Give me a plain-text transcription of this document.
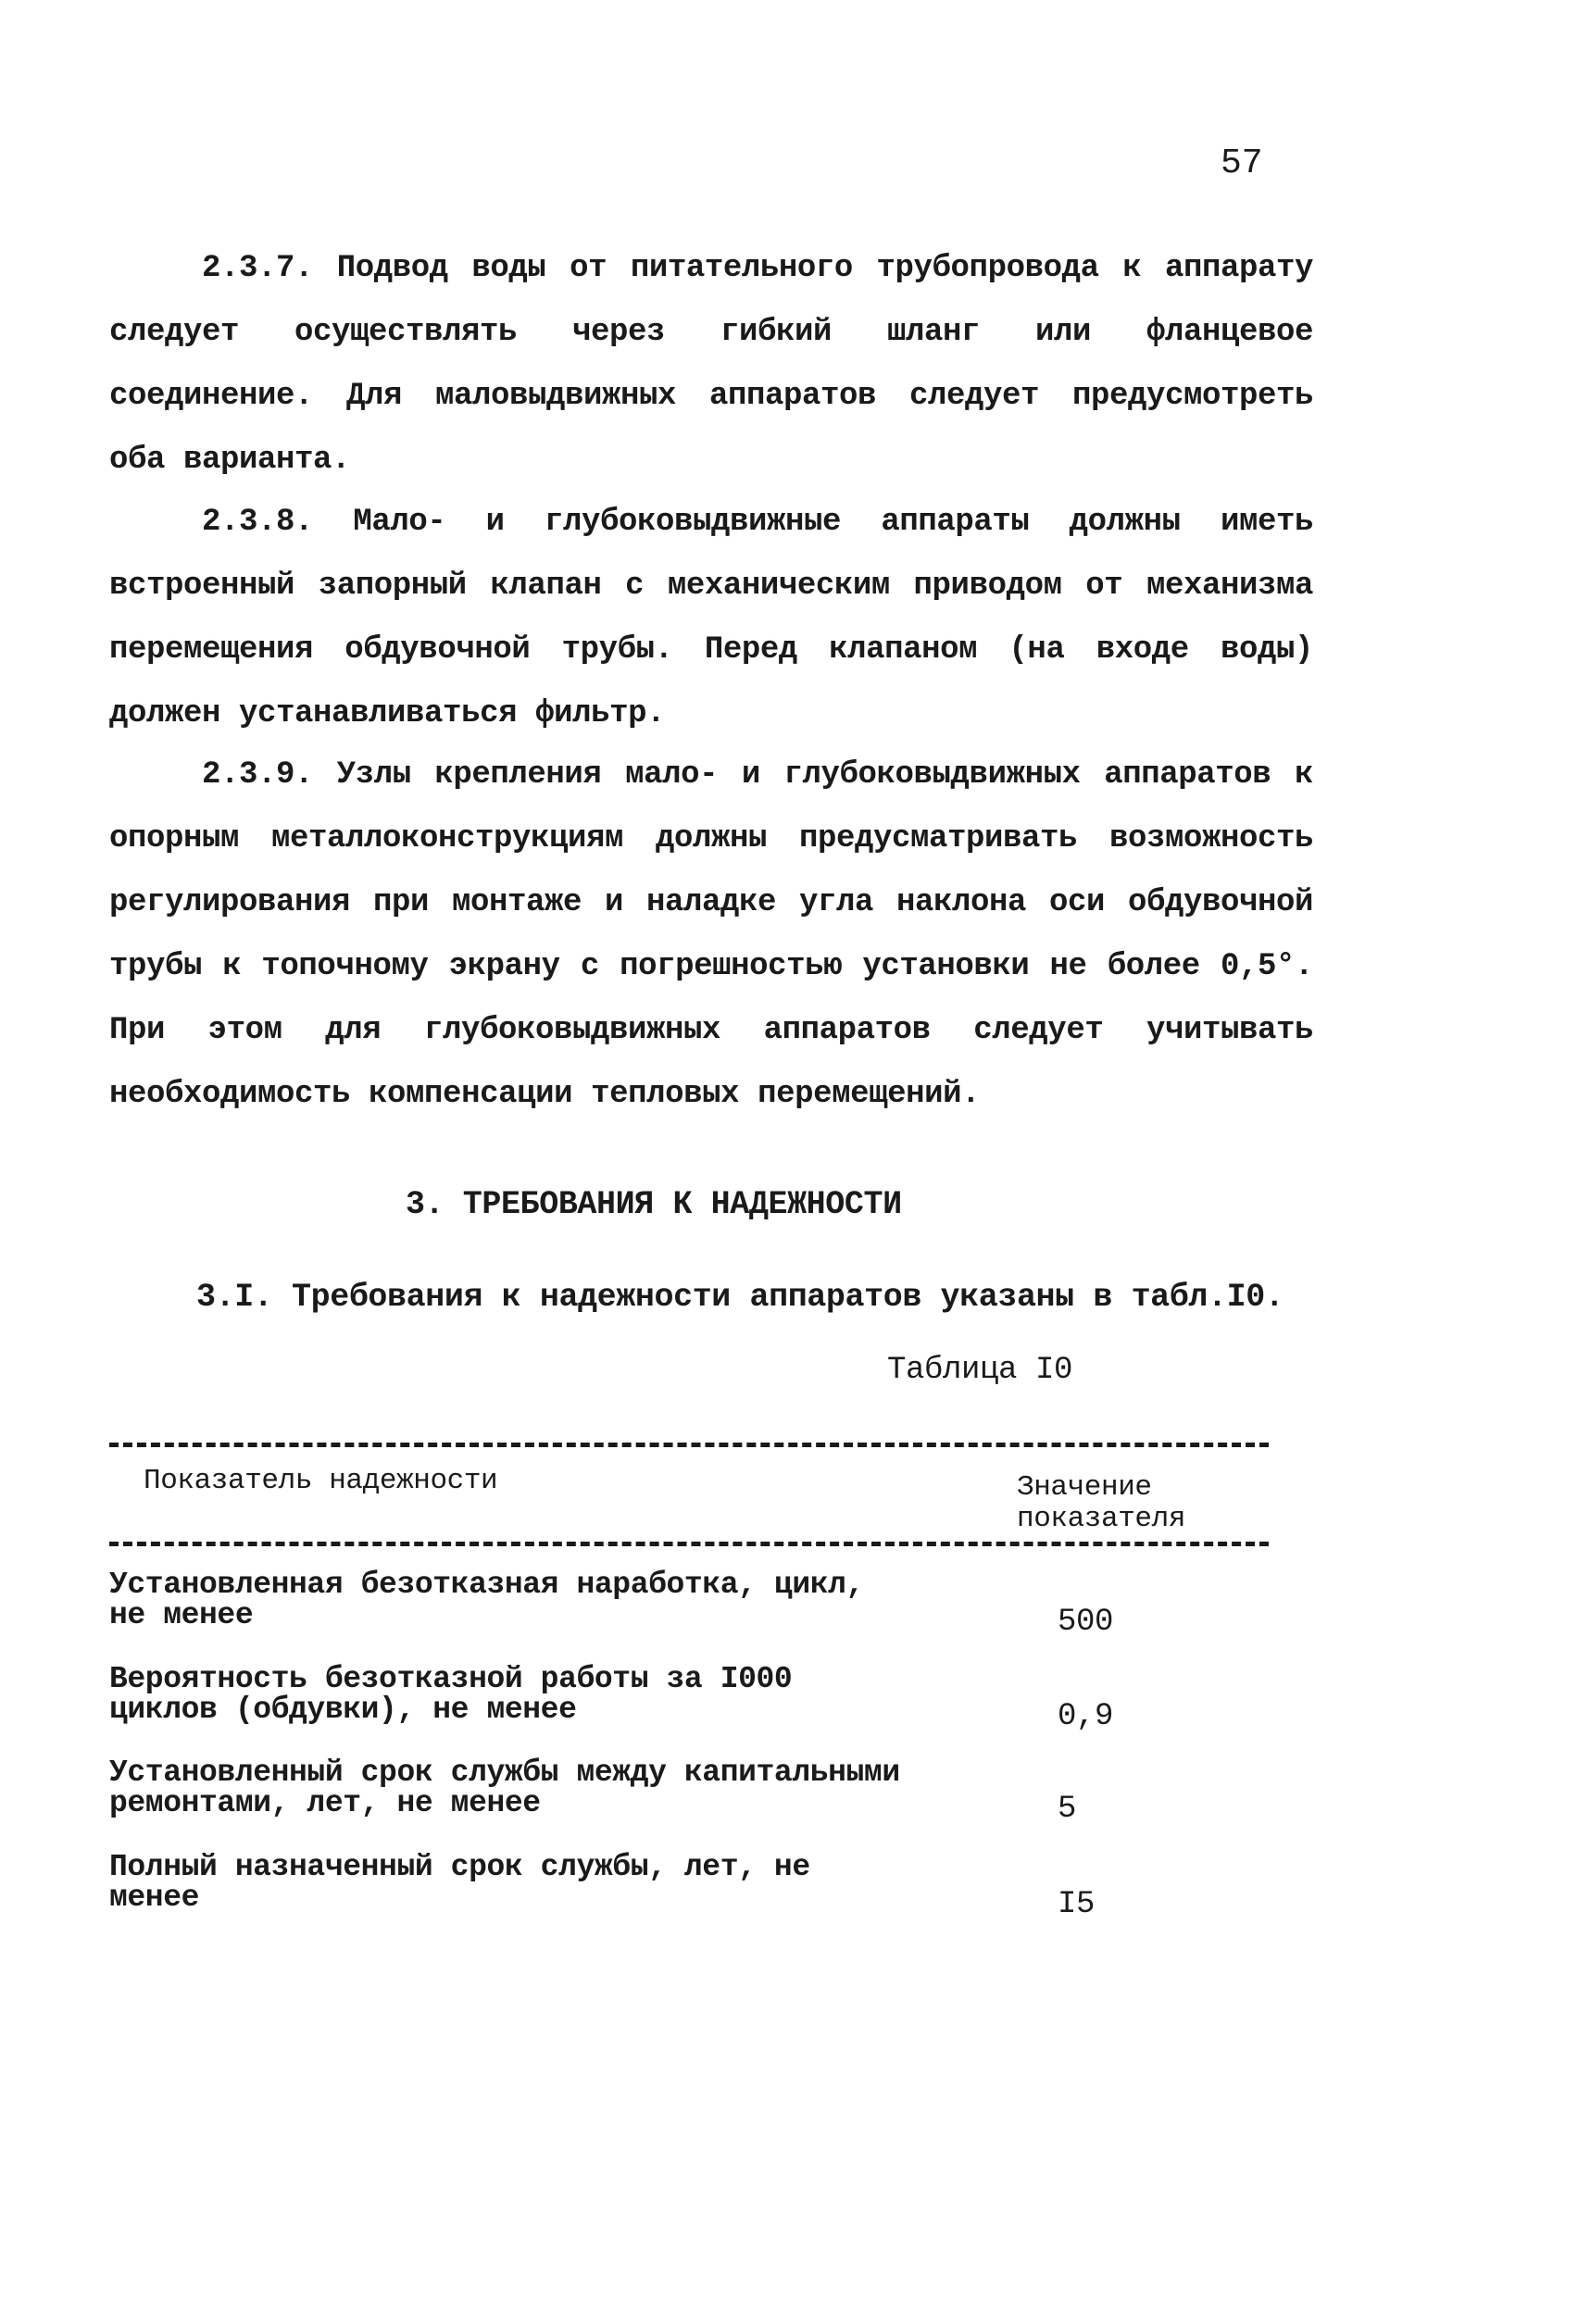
57

2.3.7. Подвод воды от питательного трубопровода к аппарату следует осуществлять через гибкий шланг или фланцевое соединение. Для маловыдвижных аппаратов следует предусмотреть оба варианта.

2.3.8. Мало- и глубоковыдвижные аппараты должны иметь встроенный запорный клапан с механическим приводом от механизма перемещения обдувочной трубы. Перед клапаном (на входе воды) должен устанавливаться фильтр.

2.3.9. Узлы крепления мало- и глубоковыдвижных аппаратов к опорным металлоконструкциям должны предусматривать возможность регулирования при монтаже и наладке угла наклона оси обдувочной трубы к топочному экрану с погрешностью установки не более 0,5°. При этом для глубоковыдвижных аппаратов следует учитывать необходимость компенсации тепловых перемещений.

3. ТРЕБОВАНИЯ К НАДЕЖНОСТИ
3.I. Требования к надежности аппаратов указаны в табл.I0.
Таблица I0
Показатель надежности	Значение показателя
Установленная безотказная наработка, цикл, не менее	500
Вероятность безотказной работы за I000 циклов (обдувки), не менее	0,9
Установленный срок службы между капитальными ремонтами, лет, не менее	5
Полный назначенный срок службы, лет, не менее	I5
